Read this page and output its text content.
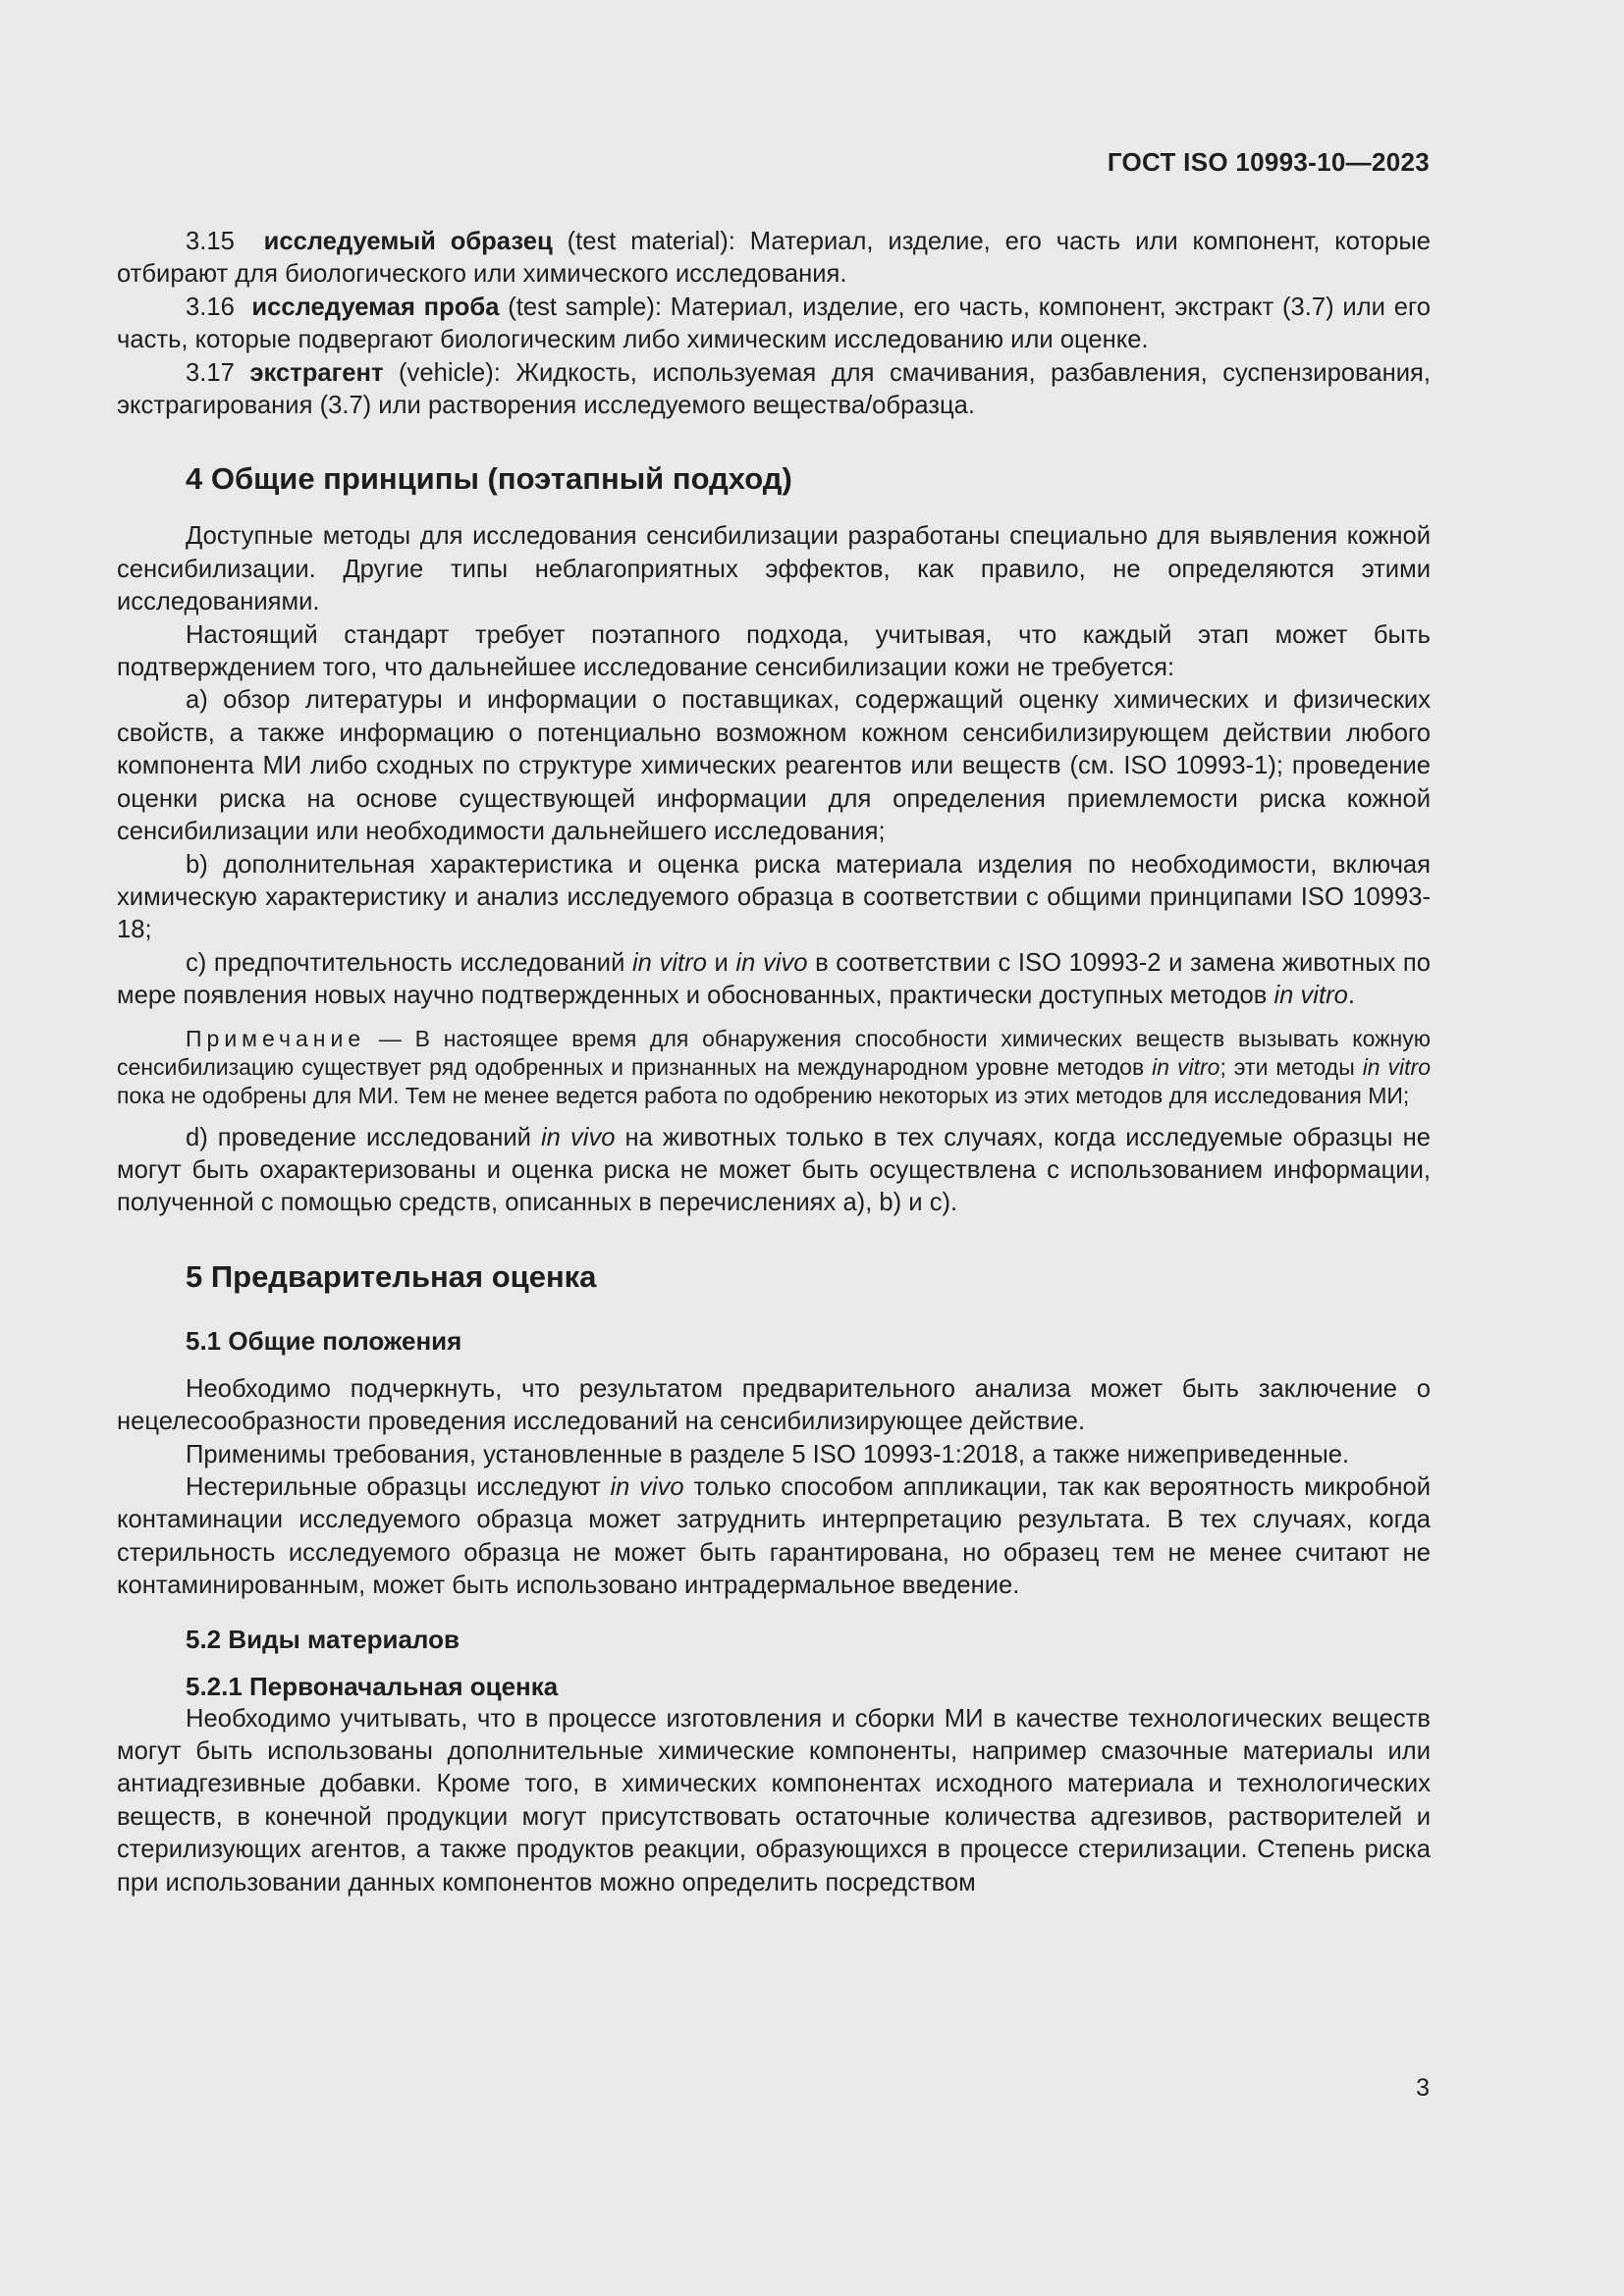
ГОСТ ISO 10993-10—2023

3.15 исследуемый образец (test material): Материал, изделие, его часть или компонент, которые отбирают для биологического или химического исследования.

3.16 исследуемая проба (test sample): Материал, изделие, его часть, компонент, экстракт (3.7) или его часть, которые подвергают биологическим либо химическим исследованию или оценке.

3.17 экстрагент (vehicle): Жидкость, используемая для смачивания, разбавления, суспензирования, экстрагирования (3.7) или растворения исследуемого вещества/образца.

4 Общие принципы (поэтапный подход)

Доступные методы для исследования сенсибилизации разработаны специально для выявления кожной сенсибилизации. Другие типы неблагоприятных эффектов, как правило, не определяются этими исследованиями.

Настоящий стандарт требует поэтапного подхода, учитывая, что каждый этап может быть подтверждением того, что дальнейшее исследование сенсибилизации кожи не требуется:

a) обзор литературы и информации о поставщиках, содержащий оценку химических и физических свойств, а также информацию о потенциально возможном кожном сенсибилизирующем действии любого компонента МИ либо сходных по структуре химических реагентов или веществ (см. ISO 10993-1); проведение оценки риска на основе существующей информации для определения приемлемости риска кожной сенсибилизации или необходимости дальнейшего исследования;

b) дополнительная характеристика и оценка риска материала изделия по необходимости, включая химическую характеристику и анализ исследуемого образца в соответствии с общими принципами ISO 10993-18;

c) предпочтительность исследований in vitro и in vivo в соответствии с ISO 10993-2 и замена животных по мере появления новых научно подтвержденных и обоснованных, практически доступных методов in vitro.

Примечание — В настоящее время для обнаружения способности химических веществ вызывать кожную сенсибилизацию существует ряд одобренных и признанных на международном уровне методов in vitro; эти методы in vitro пока не одобрены для МИ. Тем не менее ведется работа по одобрению некоторых из этих методов для исследования МИ;

d) проведение исследований in vivo на животных только в тех случаях, когда исследуемые образцы не могут быть охарактеризованы и оценка риска не может быть осуществлена с использованием информации, полученной с помощью средств, описанных в перечислениях a), b) и c).

5 Предварительная оценка
5.1 Общие положения

Необходимо подчеркнуть, что результатом предварительного анализа может быть заключение о нецелесообразности проведения исследований на сенсибилизирующее действие.

Применимы требования, установленные в разделе 5 ISO 10993-1:2018, а также нижеприведенные.

Нестерильные образцы исследуют in vivo только способом аппликации, так как вероятность микробной контаминации исследуемого образца может затруднить интерпретацию результата. В тех случаях, когда стерильность исследуемого образца не может быть гарантирована, но образец тем не менее считают не контаминированным, может быть использовано интрадермальное введение.

5.2 Виды материалов
5.2.1 Первоначальная оценка

Необходимо учитывать, что в процессе изготовления и сборки МИ в качестве технологических веществ могут быть использованы дополнительные химические компоненты, например смазочные материалы или антиадгезивные добавки. Кроме того, в химических компонентах исходного материала и технологических веществ, в конечной продукции могут присутствовать остаточные количества адгезивов, растворителей и стерилизующих агентов, а также продуктов реакции, образующихся в процессе стерилизации. Степень риска при использовании данных компонентов можно определить посредством

3
